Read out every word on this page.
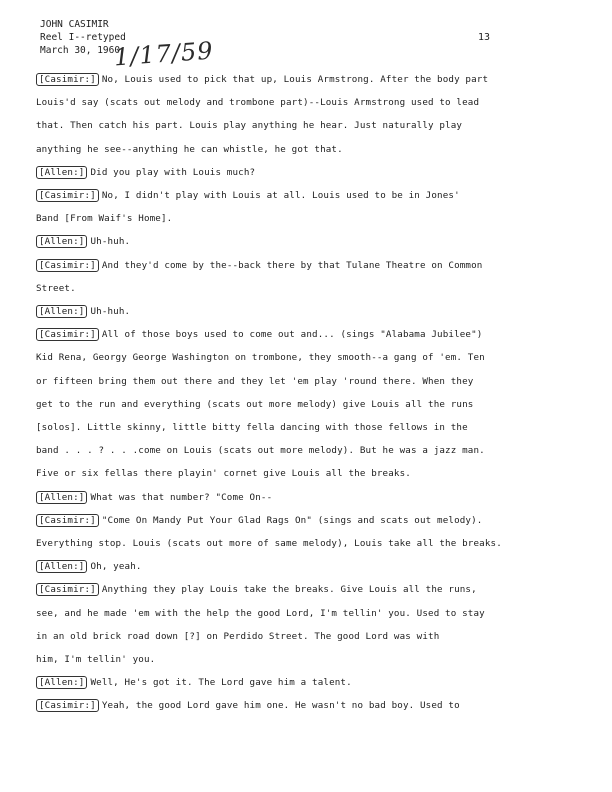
JOHN CASIMIR
Reel I--retyped
March 30, 1960
1/17/59	13
[Casimir:] No, Louis used to pick that up, Louis Armstrong. After the body part
Louis'd say (scats out melody and trombone part)--Louis Armstrong used to lead
that. Then catch his part. Louis play anything he hear. Just naturally play
anything he see--anything he can whistle, he got that.
[Allen:] Did you play with Louis much?
[Casimir:] No, I didn't play with Louis at all. Louis used to be in Jones'
Band [From Waif's Home].
[Allen:] Uh-huh.
[Casimir:] And they'd come by the--back there by that Tulane Theatre on Common
Street.
[Allen:] Uh-huh.
[Casimir:] All of those boys used to come out and... (sings "Alabama Jubilee")
Kid Rena, Georgy George Washington on trombone, they smooth--a gang of 'em. Ten
or fifteen bring them out there and they let 'em play 'round there. When they
get to the run and everything (scats out more melody) give Louis all the runs
[solos]. Little skinny, little bitty fella dancing with those fellows in the
band . . . ? . . .come on Louis (scats out more melody). But he was a jazz man.
Five or six fellas there playin' cornet give Louis all the breaks.
[Allen:] What was that number? "Come On--
[Casimir:] "Come On Mandy Put Your Glad Rags On" (sings and scats out melody).
Everything stop. Louis (scats out more of same melody), Louis take all the breaks.
[Allen:] Oh, yeah.
[Casimir:] Anything they play Louis take the breaks. Give Louis all the runs,
see, and he made 'em with the help the good Lord, I'm tellin' you. Used to stay
in an old brick road down [?] on Perdido Street. The good Lord was with
him, I'm tellin' you.
[Allen:] Well, He's got it. The Lord gave him a talent.
[Casimir:] Yeah, the good Lord gave him one. He wasn't no bad boy. Used to
